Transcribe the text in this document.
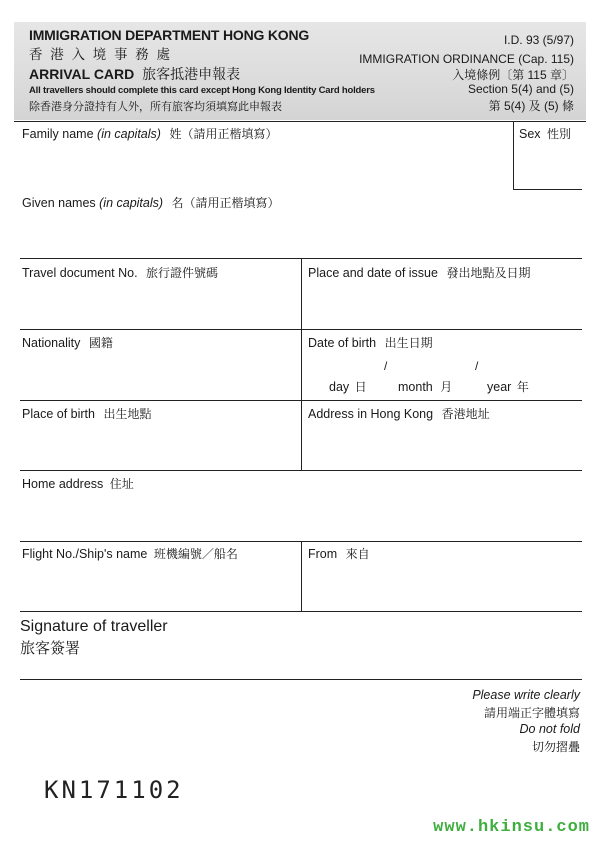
IMMIGRATION DEPARTMENT HONG KONG
香 港 入 境 事 務 處
ARRIVAL CARD 旅客抵港申報表
All travellers should complete this card except Hong Kong Identity Card holders
除香港身分證持有人外，所有旅客均須填寫此申報表
I.D. 93 (5/97)
IMMIGRATION ORDINANCE (Cap. 115)
入境條例〔第 115 章〕
Section 5(4) and (5)
第 5(4) 及 (5) 條
Family name (in capitals) 姓（請用正楷填寫）	Sex 性別
Given names (in capitals) 名（請用正楷填寫）
Travel document No. 旅行證件號碼	Place and date of issue 發出地點及日期
Nationality 國籍	Date of birth 出生日期
/	/
day 日	month 月	year 年
Place of birth 出生地點	Address in Hong Kong 香港地址
Home address 住址
Flight No./Ship's name 班機編號／船名	From 來自
Signature of traveller
旅客簽署
Please write clearly
請用端正字體填寫
Do not fold
切勿摺疊
KN171102
www.hkinsu.com
